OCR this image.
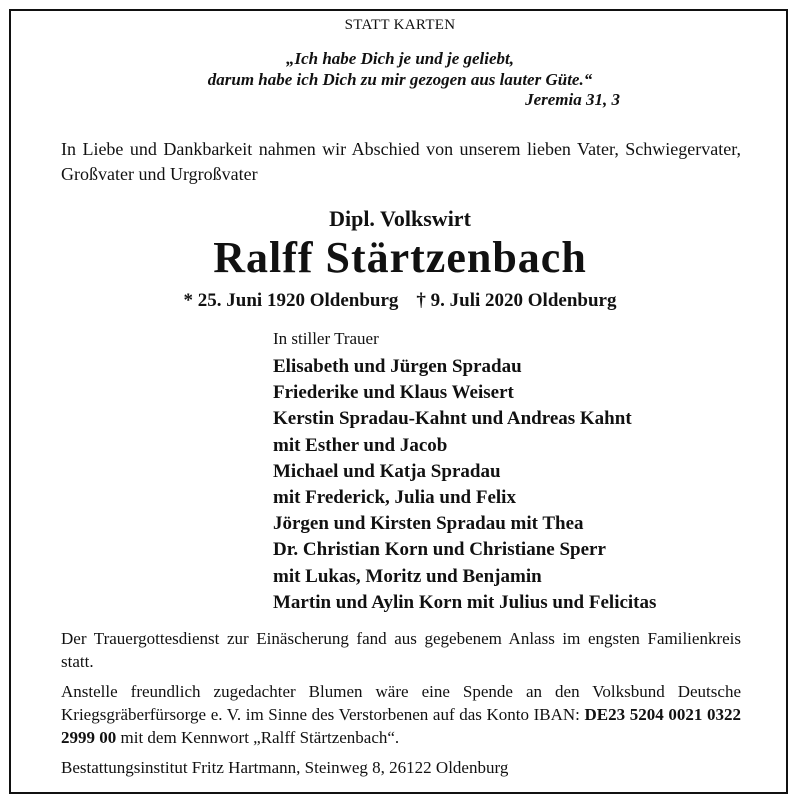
STATT KARTEN
„Ich habe Dich je und je geliebt,
darum habe ich Dich zu mir gezogen aus lauter Güte.“
Jeremia 31, 3
In Liebe und Dankbarkeit nahmen wir Abschied von unserem lieben Vater, Schwiegervater, Großvater und Urgroßvater
Dipl. Volkswirt
Ralff Stärtzenbach
* 25. Juni 1920 Oldenburg † 9. Juli 2020 Oldenburg
In stiller Trauer
Elisabeth und Jürgen Spradau
Friederike und Klaus Weisert
Kerstin Spradau-Kahnt und Andreas Kahnt
mit Esther und Jacob
Michael und Katja Spradau
mit Frederick, Julia und Felix
Jörgen und Kirsten Spradau mit Thea
Dr. Christian Korn und Christiane Sperr
mit Lukas, Moritz und Benjamin
Martin und Aylin Korn mit Julius und Felicitas
Der Trauergottesdienst zur Einäscherung fand aus gegebenem Anlass im engsten Familienkreis statt.
Anstelle freundlich zugedachter Blumen wäre eine Spende an den Volksbund Deutsche Kriegsgräberfürsorge e. V. im Sinne des Verstorbenen auf das Konto IBAN: DE23 5204 0021 0322 2999 00 mit dem Kennwort „Ralff Stärtzenbach“.
Bestattungsinstitut Fritz Hartmann, Steinweg 8, 26122 Oldenburg
